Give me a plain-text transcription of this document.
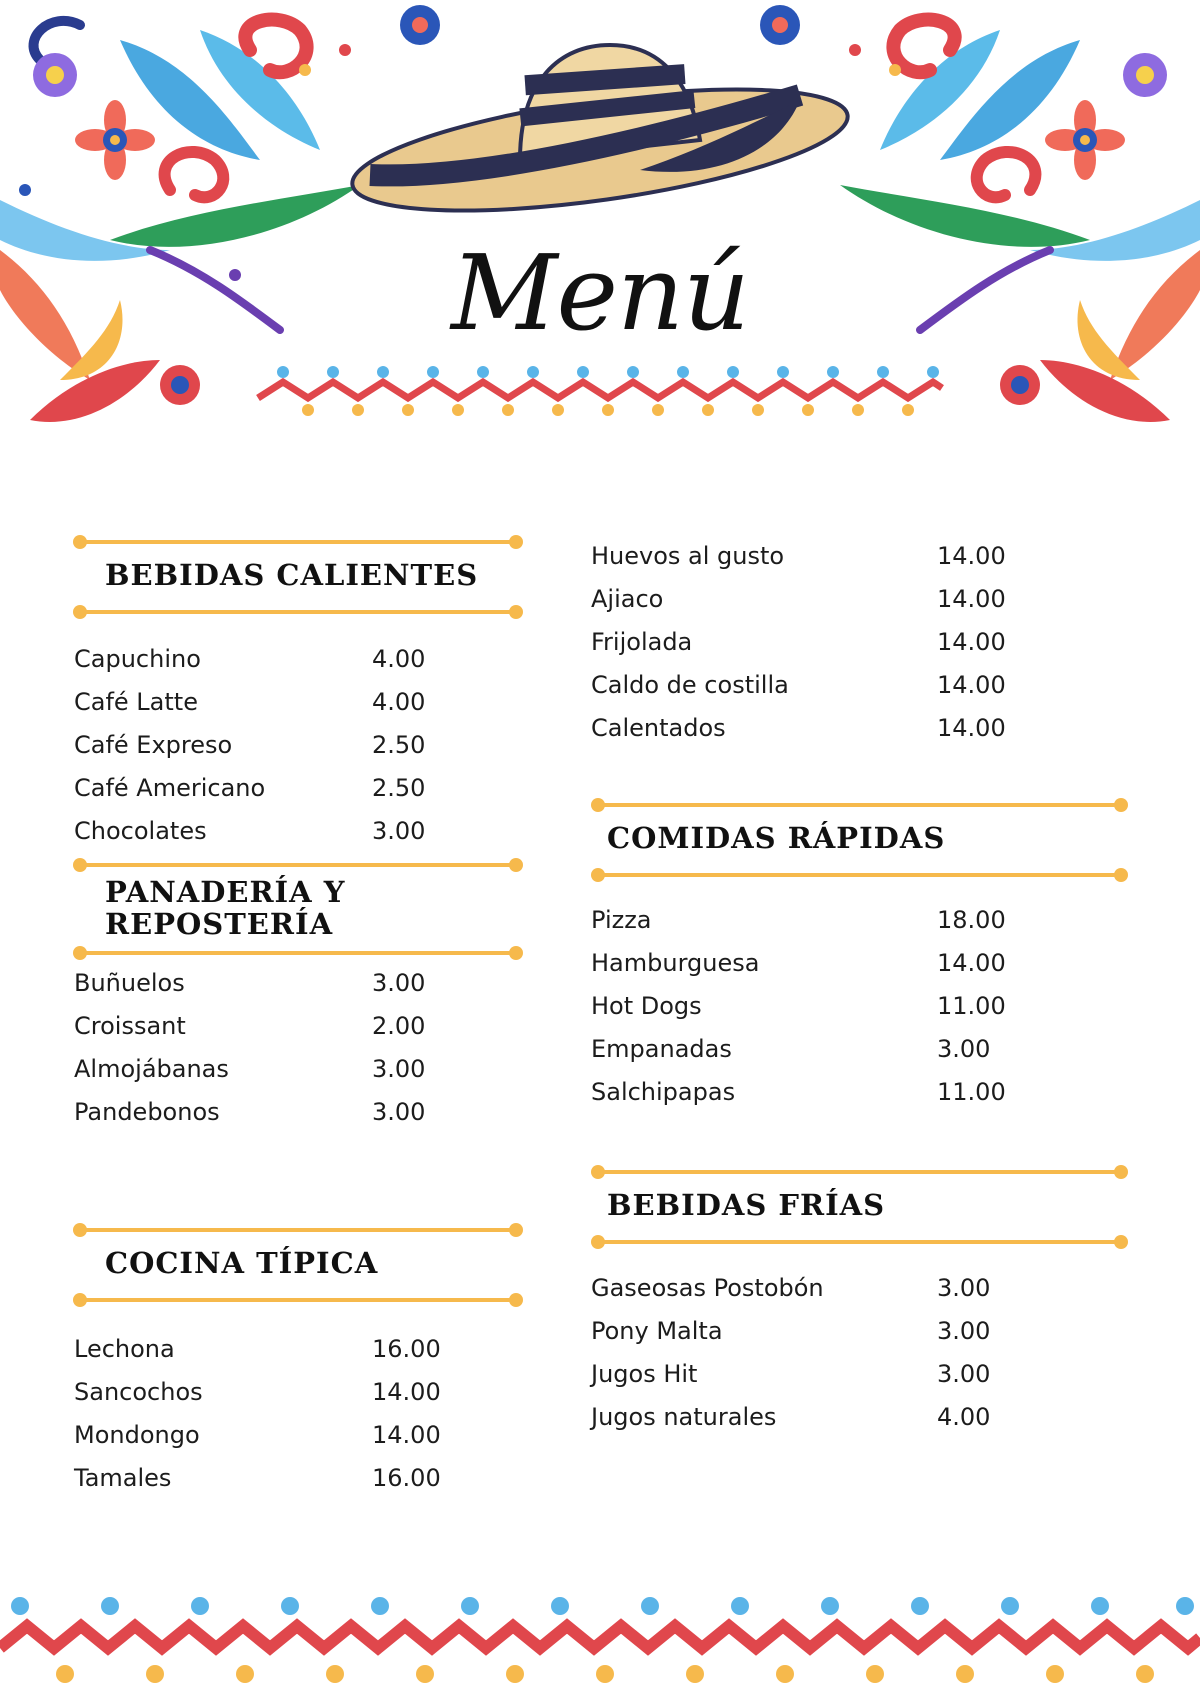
Menú
BEBIDAS CALIENTES
Capuchino	4.00
Café Latte	4.00
Café Expreso	2.50
Café Americano	2.50
Chocolates	3.00
PANADERÍA Y
REPOSTERÍA
Buñuelos	3.00
Croissant	2.00
Almojábanas	3.00
Pandebonos	3.00
COCINA TÍPICA
Lechona	16.00
Sancochos	14.00
Mondongo	14.00
Tamales	16.00
Huevos al gusto	14.00
Ajiaco	14.00
Frijolada	14.00
Caldo de costilla	14.00
Calentados	14.00
COMIDAS RÁPIDAS
Pizza	18.00
Hamburguesa	14.00
Hot Dogs	11.00
Empanadas	3.00
Salchipapas	11.00
BEBIDAS FRÍAS
Gaseosas Postobón	3.00
Pony Malta	3.00
Jugos Hit	3.00
Jugos naturales	4.00
